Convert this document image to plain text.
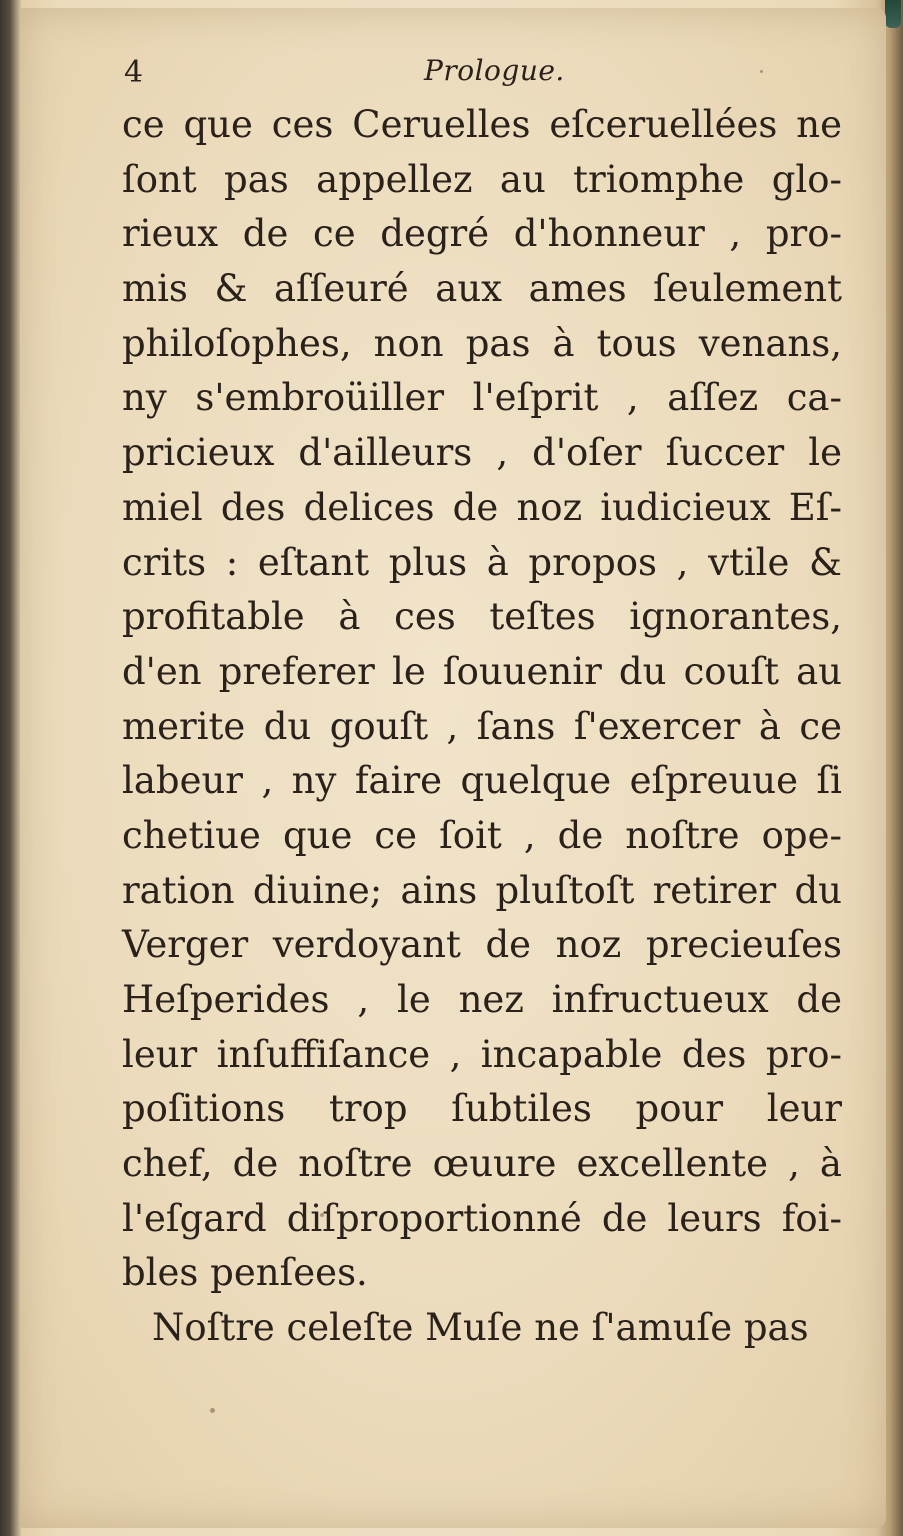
4	Prologue.
ce que ces Ceruelles eſceruellées ne
ſont pas appellez au triomphe glo-
rieux de ce degré d'honneur , pro-
mis & aſſeuré aux ames ſeulement
philoſophes, non pas à tous venans,
ny s'embroüiller l'eſprit , aſſez ca-
pricieux d'ailleurs , d'oſer ſuccer le
miel des delices de noz iudicieux Eſ-
crits : eſtant plus à propos , vtile &
profitable à ces teſtes ignorantes,
d'en preferer le ſouuenir du couſt au
merite du gouſt , ſans ſ'exercer à ce
labeur , ny faire quelque eſpreuue ſi
chetiue que ce ſoit , de noſtre ope-
ration diuine; ains pluſtoſt retirer du
Verger verdoyant de noz precieuſes
Heſperides , le nez infructueux de
leur inſuffiſance , incapable des pro-
poſitions trop ſubtiles pour leur
chef, de noſtre œuure excellente , à
l'eſgard diſproportionné de leurs foi-
bles penſees.
Noſtre celeſte Muſe ne ſ'amuſe pas
